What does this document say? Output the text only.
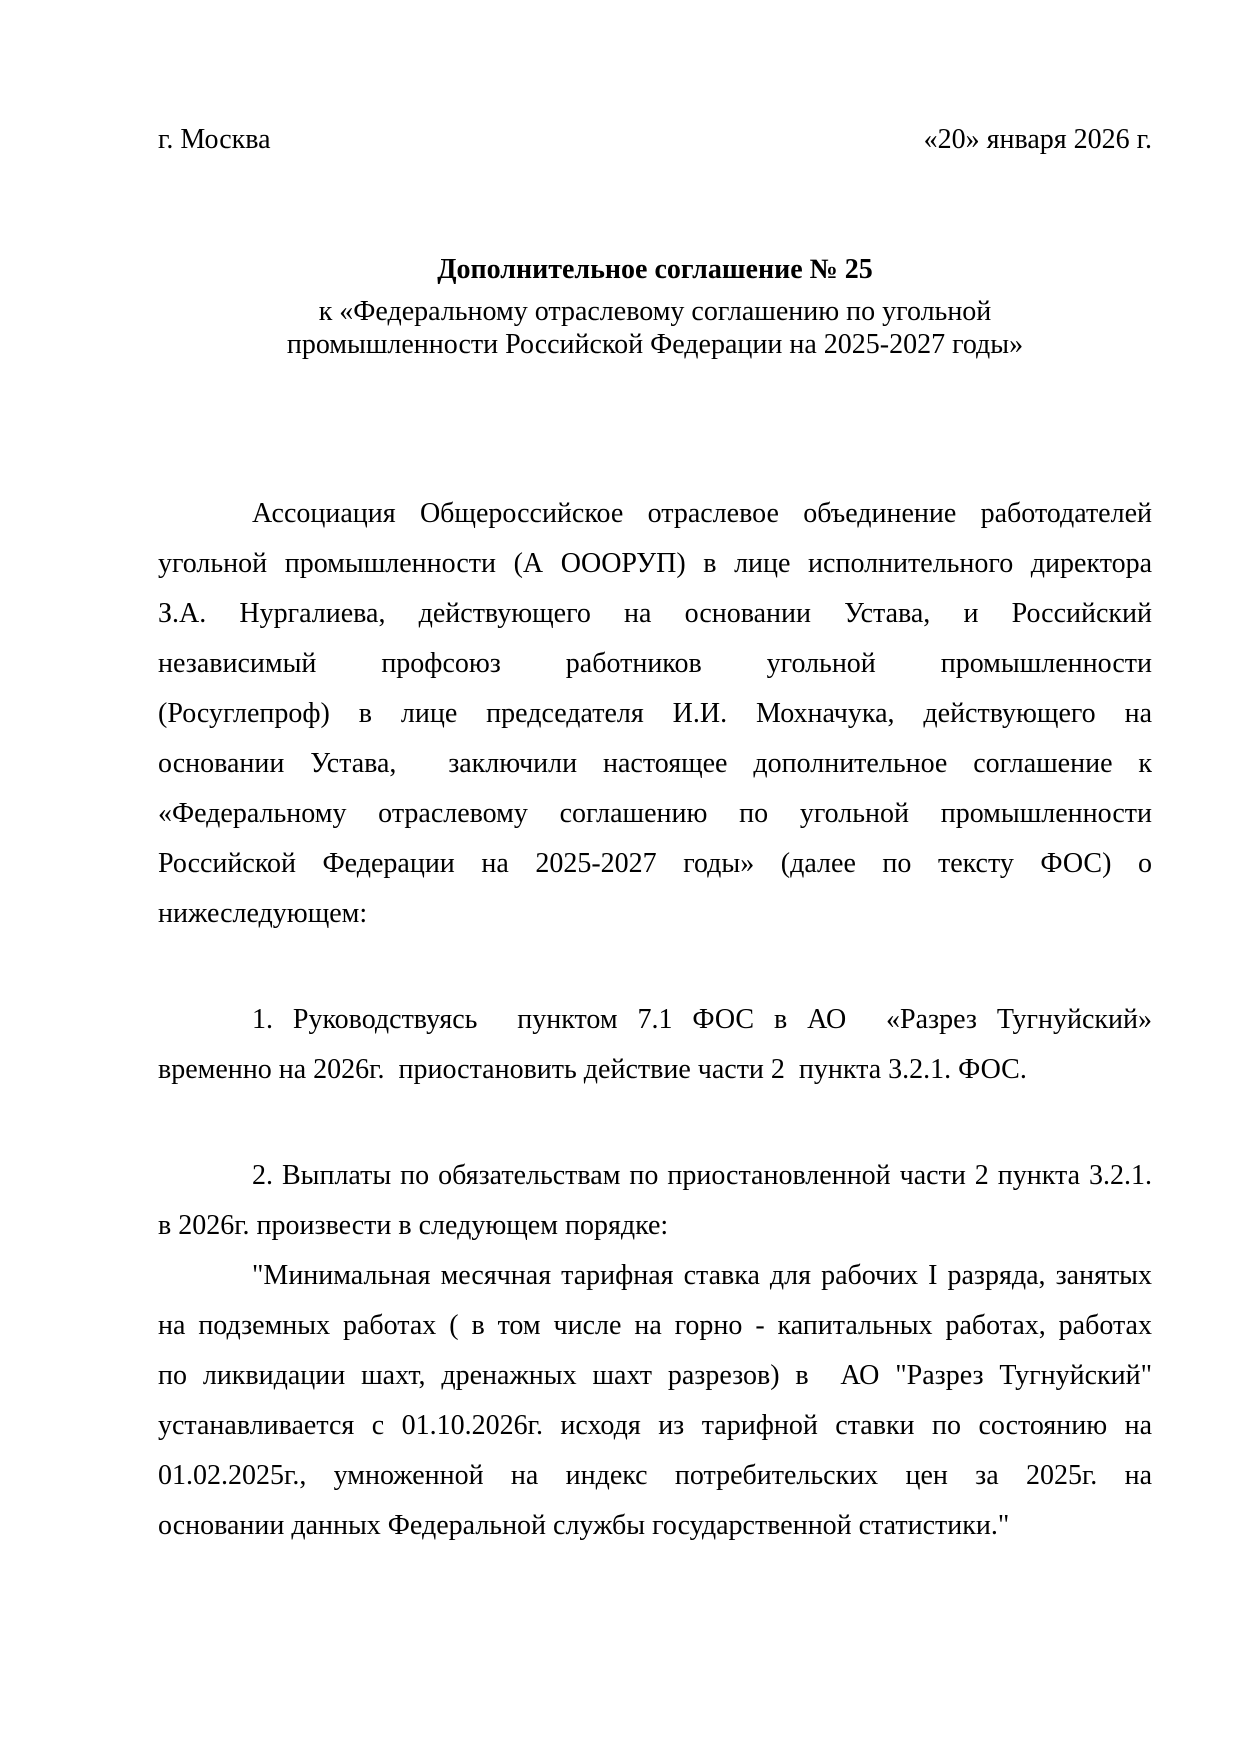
г. Москва	«20» января 2026 г.
Дополнительное соглашение № 25
к «Федеральному отраслевому соглашению по угольной
промышленности Российской Федерации на 2025-2027 годы»
Ассоциация Общероссийское отраслевое объединение работодателей
угольной промышленности (А ОООРУП) в лице исполнительного директора
З.А. Нургалиева, действующего на основании Устава, и Российский
независимый профсоюз работников угольной промышленности
(Росуглепроф) в лице председателя И.И. Мохначука, действующего на
основании Устава,  заключили настоящее дополнительное соглашение к
«Федеральному отраслевому соглашению по угольной промышленности
Российской Федерации на 2025-2027 годы» (далее по тексту ФОС) о
нижеследующем:
1. Руководствуясь  пунктом 7.1 ФОС в АО  «Разрез Тугнуйский»
временно на 2026г.  приостановить действие части 2  пункта 3.2.1. ФОС.
2. Выплаты по обязательствам по приостановленной части 2 пункта 3.2.1.
в 2026г. произвести в следующем порядке:
"Минимальная месячная тарифная ставка для рабочих I разряда, занятых
на подземных работах ( в том числе на горно - капитальных работах, работах
по ликвидации шахт, дренажных шахт разрезов) в  АО "Разрез Тугнуйский"
устанавливается с 01.10.2026г. исходя из тарифной ставки по состоянию на
01.02.2025г., умноженной на индекс потребительских цен за 2025г. на
основании данных Федеральной службы государственной статистики."
